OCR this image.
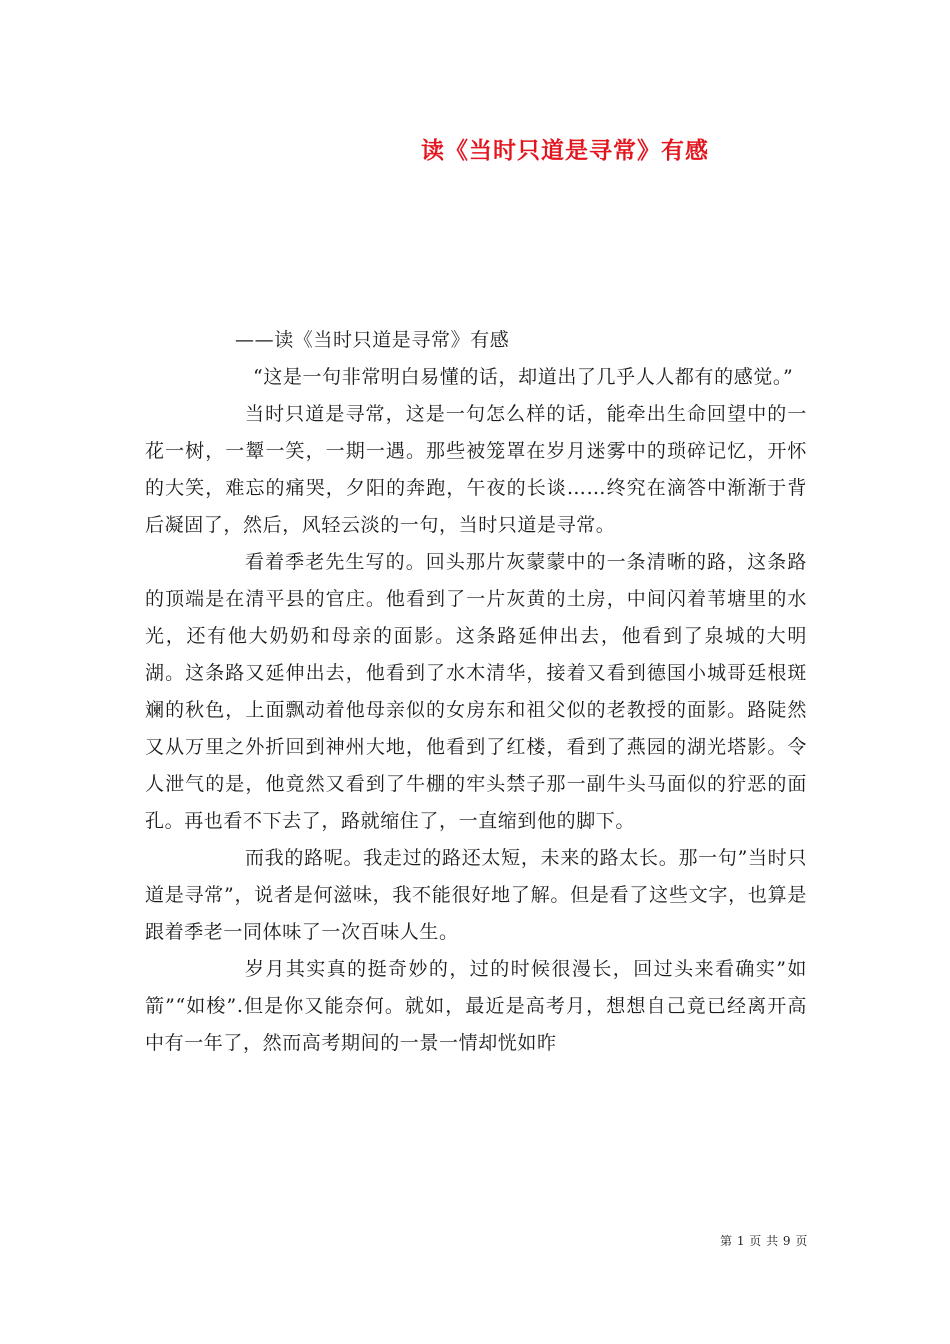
读《当时只道是寻常》有感

——读《当时只道是寻常》有感

“这是一句非常明白易懂的话，却道出了几乎人人都有的感觉。”

当时只道是寻常，这是一句怎么样的话，能牵出生命回望中的一花一树，一颦一笑，一期一遇。那些被笼罩在岁月迷雾中的琐碎记忆，开怀的大笑，难忘的痛哭，夕阳的奔跑，午夜的长谈……终究在滴答中渐渐于背后凝固了，然后，风轻云淡的一句，当时只道是寻常。

看着季老先生写的。回头那片灰蒙蒙中的一条清晰的路，这条路的顶端是在清平县的官庄。他看到了一片灰黄的土房，中间闪着苇塘里的水光，还有他大奶奶和母亲的面影。这条路延伸出去，他看到了泉城的大明湖。这条路又延伸出去，他看到了水木清华，接着又看到德国小城哥廷根斑斓的秋色，上面飘动着他母亲似的女房东和祖父似的老教授的面影。路陡然又从万里之外折回到神州大地，他看到了红楼，看到了燕园的湖光塔影。令人泄气的是，他竟然又看到了牛棚的牢头禁子那一副牛头马面似的狞恶的面孔。再也看不下去了，路就缩住了，一直缩到他的脚下。

而我的路呢。我走过的路还太短，未来的路太长。那一句”当时只道是寻常”，说者是何滋味，我不能很好地了解。但是看了这些文字，也算是跟着季老一同体味了一次百味人生。

岁月其实真的挺奇妙的，过的时候很漫长，回过头来看确实”如箭”“如梭”.但是你又能奈何。就如，最近是高考月，想想自己竟已经离开高中有一年了，然而高考期间的一景一情却恍如昨

第 1 页 共 9 页
